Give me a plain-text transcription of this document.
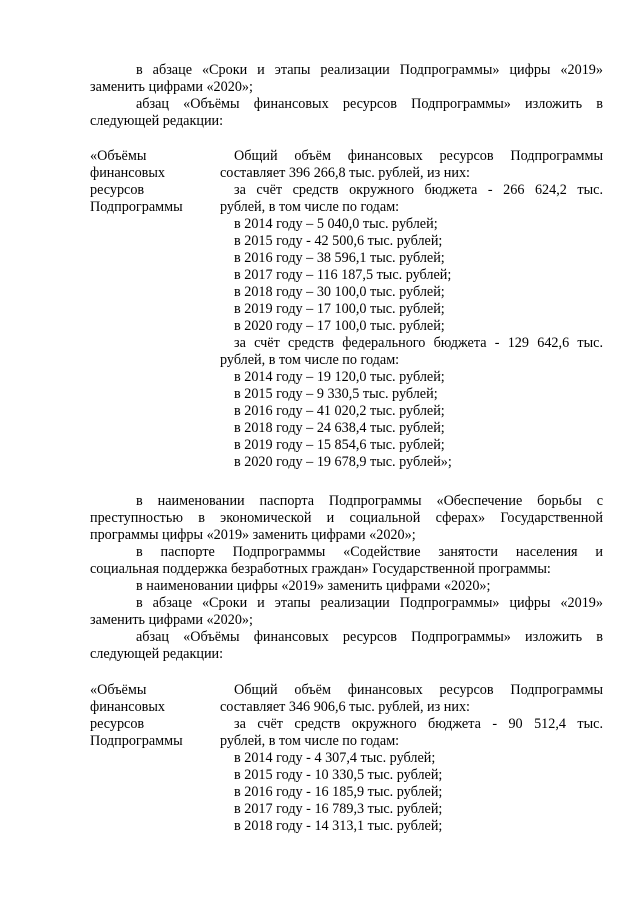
в абзаце «Сроки и этапы реализации Подпрограммы» цифры «2019»
заменить цифрами «2020»;
абзац «Объёмы финансовых ресурсов Подпрограммы» изложить в
следующей редакции:
«Объёмы
финансовых
ресурсов
Подпрограммы
Общий объём финансовых ресурсов Подпрограммы
составляет 396 266,8 тыс. рублей, из них:
за счёт средств окружного бюджета - 266 624,2 тыс.
рублей, в том числе по годам:
в 2014 году – 5 040,0 тыс. рублей;
в 2015 году - 42 500,6 тыс. рублей;
в 2016 году – 38 596,1 тыс. рублей;
в 2017 году – 116 187,5 тыс. рублей;
в 2018 году – 30 100,0 тыс. рублей;
в 2019 году – 17 100,0 тыс. рублей;
в 2020 году – 17 100,0 тыс. рублей;
за счёт средств федерального бюджета - 129 642,6 тыс.
рублей, в том числе по годам:
в 2014 году – 19 120,0 тыс. рублей;
в 2015 году – 9 330,5 тыс. рублей;
в 2016 году – 41 020,2 тыс. рублей;
в 2018 году – 24 638,4 тыс. рублей;
в 2019 году – 15 854,6 тыс. рублей;
в 2020 году – 19 678,9 тыс. рублей»;
в наименовании паспорта Подпрограммы «Обеспечение борьбы с
преступностью в экономической и социальной сферах» Государственной
программы цифры «2019» заменить цифрами «2020»;
в паспорте Подпрограммы «Содействие занятости населения и
социальная поддержка безработных граждан» Государственной программы:
в наименовании цифры «2019» заменить цифрами «2020»;
в абзаце «Сроки и этапы реализации Подпрограммы» цифры «2019»
заменить цифрами «2020»;
абзац «Объёмы финансовых ресурсов Подпрограммы» изложить в
следующей редакции:
«Объёмы
финансовых
ресурсов
Подпрограммы
Общий объём финансовых ресурсов Подпрограммы
составляет 346 906,6 тыс. рублей, из них:
за счёт средств окружного бюджета - 90 512,4 тыс.
рублей, в том числе по годам:
в 2014 году - 4 307,4 тыс. рублей;
в 2015 году - 10 330,5 тыс. рублей;
в 2016 году - 16 185,9 тыс. рублей;
в 2017 году - 16 789,3 тыс. рублей;
в 2018 году - 14 313,1 тыс. рублей;
